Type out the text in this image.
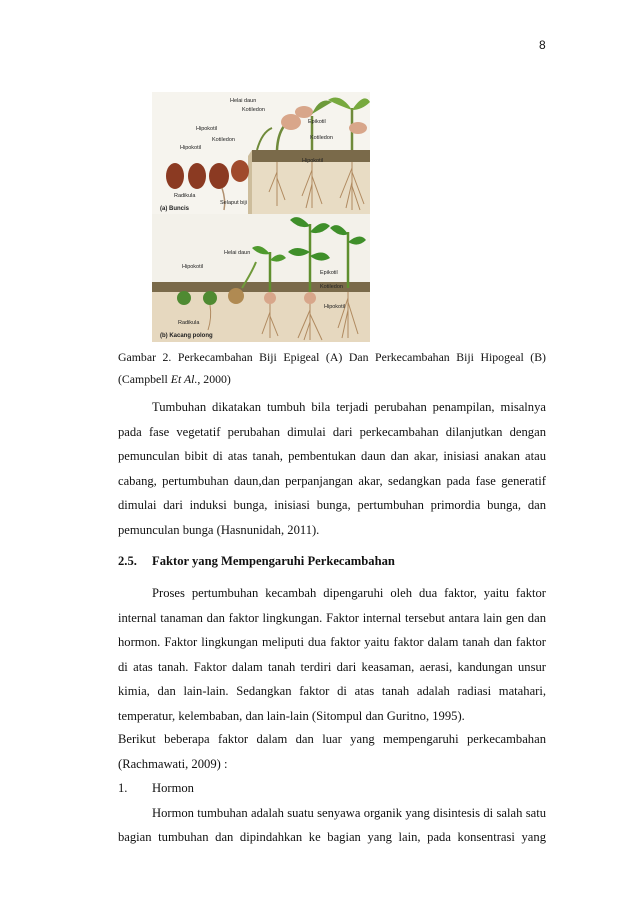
8
Helai daun
Kotiledon
Epikotil
Hipokotil
Kotiledon
Hipokotil
Kotiledon
Hipokotil
Radikula
Selaput biji
(a) Buncis
Helai daun
Hipokotil
Epikotil
Kotiledon
Hipokotil
Radikula
(b) Kacang polong
Gambar 2. Perkecambahan Biji Epigeal (A) Dan Perkecambahan Biji Hipogeal (B)
(Campbell Et Al., 2000)
Tumbuhan dikatakan tumbuh bila terjadi perubahan penampilan, misalnya
pada fase vegetatif perubahan dimulai dari perkecambahan dilanjutkan dengan
pemunculan bibit di atas tanah, pembentukan daun dan akar, inisiasi anakan atau
cabang, pertumbuhan daun,dan perpanjangan akar, sedangkan pada fase generatif
dimulai dari induksi bunga, inisiasi bunga, pertumbuhan primordia bunga, dan
pemunculan bunga (Hasnunidah, 2011).
2.5. Faktor yang Mempengaruhi Perkecambahan
Proses pertumbuhan kecambah dipengaruhi oleh dua faktor, yaitu faktor
internal tanaman dan faktor lingkungan. Faktor internal tersebut antara lain gen dan
hormon. Faktor lingkungan meliputi dua faktor yaitu faktor dalam tanah dan faktor
di atas tanah. Faktor dalam tanah terdiri dari keasaman, aerasi, kandungan unsur
kimia, dan lain-lain. Sedangkan faktor di atas tanah adalah radiasi matahari,
temperatur, kelembaban, dan lain-lain (Sitompul dan Guritno, 1995).
Berikut beberapa faktor dalam dan luar yang mempengaruhi perkecambahan
(Rachmawati, 2009) :
1. Hormon
Hormon tumbuhan adalah suatu senyawa organik yang disintesis di salah satu
bagian tumbuhan dan dipindahkan ke bagian yang lain, pada konsentrasi yang
